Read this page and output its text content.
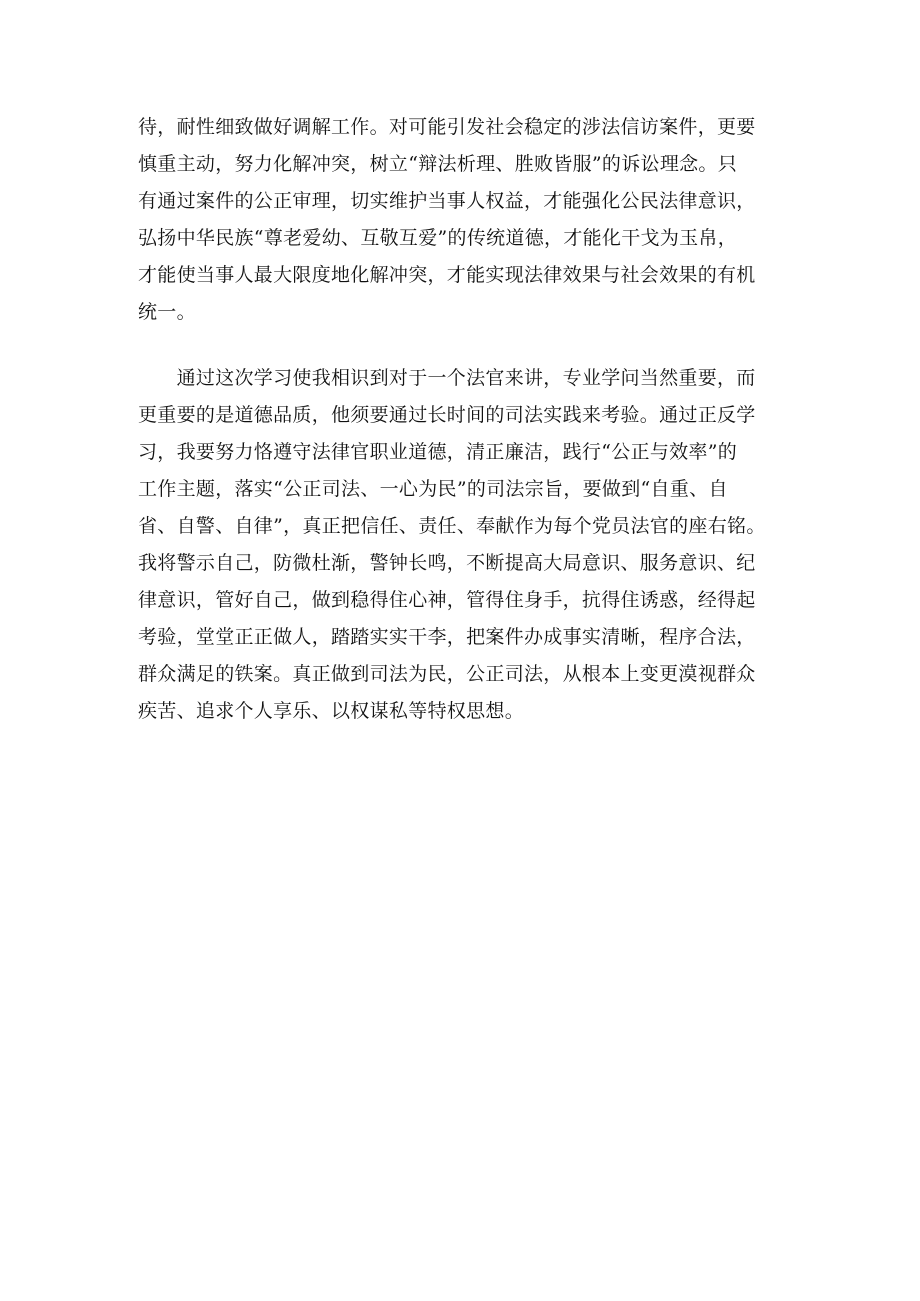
待，耐性细致做好调解工作。对可能引发社会稳定的涉法信访案件，更要
慎重主动，努力化解冲突，树立“辩法析理、胜败皆服”的诉讼理念。只
有通过案件的公正审理，切实维护当事人权益，才能强化公民法律意识，
弘扬中华民族“尊老爱幼、互敬互爱”的传统道德，才能化干戈为玉帛，
才能使当事人最大限度地化解冲突，才能实现法律效果与社会效果的有机
统一。
　　通过这次学习使我相识到对于一个法官来讲，专业学问当然重要，而
更重要的是道德品质，他须要通过长时间的司法实践来考验。通过正反学
习，我要努力恪遵守法律官职业道德，清正廉洁，践行“公正与效率”的
工作主题，落实“公正司法、一心为民”的司法宗旨，要做到“自重、自
省、自警、自律”，真正把信任、责任、奉献作为每个党员法官的座右铭。
我将警示自己，防微杜渐，警钟长鸣，不断提高大局意识、服务意识、纪
律意识，管好自己，做到稳得住心神，管得住身手，抗得住诱惑，经得起
考验，堂堂正正做人，踏踏实实干李，把案件办成事实清晰，程序合法，
群众满足的铁案。真正做到司法为民，公正司法，从根本上变更漠视群众
疾苦、追求个人享乐、以权谋私等特权思想。
